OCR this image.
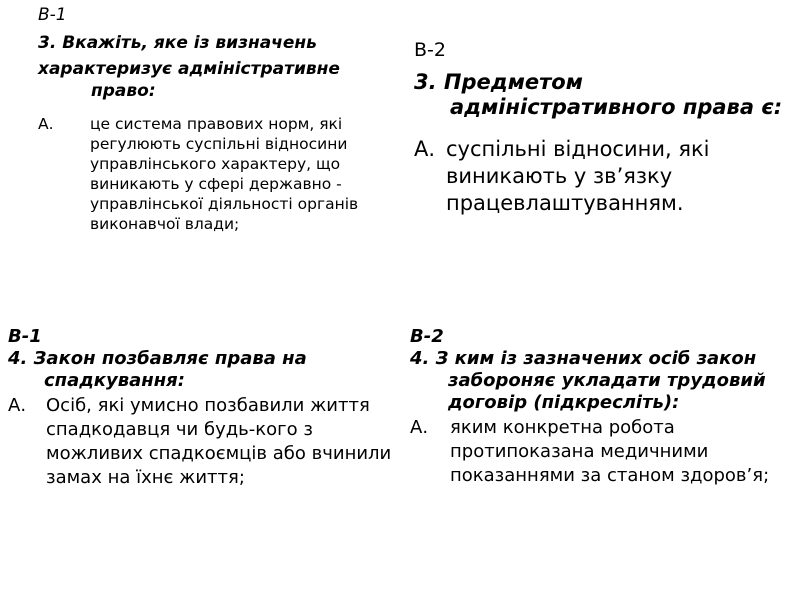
В-1
3. Вкажіть, яке із визначень
характеризує адміністративне право:
А.	це система правових норм, які регулюють суспільні відносини управлінського характеру, що виникають у сфері державно - управлінської діяльності органів виконавчої влади;
В-2
3. Предметом адміністративного права є:
А. суспільні відносини, які виникають у зв’язку працевлаштуванням.
В-1
4. Закон позбавляє права на спадкування:
А.	Осіб, які умисно позбавили життя спадкодавця чи будь-кого з можливих спадкоємців або вчинили замах на їхнє життя;
В-2
4. З ким із зазначених осіб закон забороняє укладати трудовий договір (підкресліть):
А.	яким конкретна робота протипоказана медичними показаннями за станом здоров’я;
